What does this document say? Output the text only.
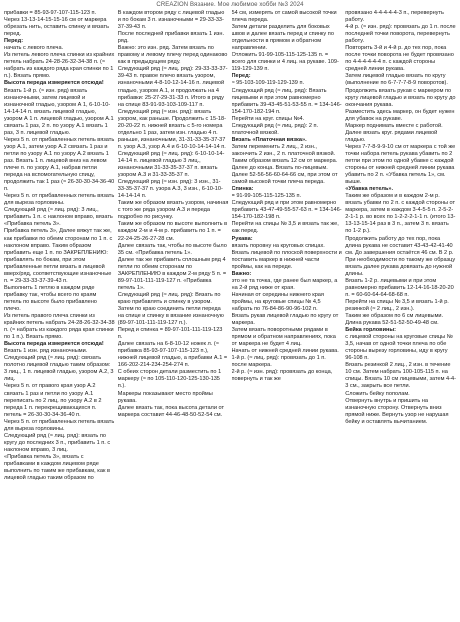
CREAZION Вязание. Мое любимое хобби №3 2024

прибавки = 85-93-97-107-115-123 п.

Через 13-13-14-15-15-16 см от маркера обрезать нить, оставить спинку и вязать перед.

Перед:

начать с левого плеча.

Из петель левого плеча спинки из крайних петель набрать 24-28-26-32-34-38 п. (≈ набрать из каждого ряда края спинки по 1 п.). Вязать прямо.

Высота переда измеряется отсюда!

Вязать 1-й р. (≈ изн. ряд) вязать изнаночными, затем лицевой и изнаночной гладью, узором А 1, 6-10-10-14-14-14 п. вязать лицевой гладью, узором А 1 п. лицевой гладью, узором А.1 связать 1 раз, 2 п. по узору А.1 вязать 1 раз, 3 п. лицевой гладью.

Через 5 п. от прибавленных петель вязать узор А.1, затем узор А.2 связать 1 раз и петли по узору А.1 по узору А.2 вязать 1 раз. Вязать 1 п. лицевой вниз на левом плече п. по узору А.1, набрав петли переда на вспомогательную спицу, продолжить так 1 раз (≈ 26-30-30-34-36-40 п.

Через 5 п. от прибавленных петель вязать для выреза горловины.

Следующий ряд (≈ лиц. ряд): 3 лиц., прибавить 1 п. с наклоном вправо, вязать «Прибавка петель 3».

Прибавка петель 3», Далее вяжут так же, как прибавки по обеим сторонам по 1 п. с наклоном вправо. Таким образом прибавить еще 1 п. по ЗАКРЕПЛЕНИЮ: прибавлять по бокам, при этом прибавленные петли вязать в лицевой вверх/ряд, соответствующие изнаночные п. = 29-33-33-37-39-43 п.

Выполнить 1 петлю в каждом ряде прибавку так, чтобы всего по краям петель по высоте было прибавлено плечо.

Из петель правого плеча спинки из крайних петель набрать 24-28-26-32-34-38 п. (≈ набрать из каждого ряда края спинки по 1 п.). Вязать прямо.

Высота переда измеряется отсюда!

Вязать 1 изн. ряд изнаночными.

Следующий ряд (≈ лиц. ряд): связать полотно лицевой гладью таким образом: 3 лиц., 1 п. лицевой гладью, узором А.2, 3 лиц.

Через 5 п. от правого края узор А.2 связать 1 раз и петли по узору А.1 переписать по 2 лиц. по узору А.2 в 2 переда 1 п. перекрещивающихся п. петель = 26-30-30-34-36-40 п.

Через 5 п. от прибавленных петель вязать для выреза горловины.

Следующий ряд (≈ лиц. ряд): вязать по кругу до последних 3 п., прибавить 1 п. с наклоном вправо, 3 лиц.

«Прибавка петель 3», вязать с прибавками в каждом лицевом ряде выполнить по таким же прибавкам, как в лицевой гладью таким образом по

В каждом втором ряду с лицевой гладью и по бокам 3 п. изнаночными = 29-33-33-37-39-43 п.

После последней прибавки вязать 1 изн. ряд.

Важно: это изн. ряд. Затем вязать по правому и левому плечу перед одинаково как в предыдущем ряду.

Следующий ряд (≈ лиц. ряд): 29-33-33-37-39-43 п. правое плечо вязать узором, изнаночными 4-8-10-12-14-16 п. лицевой гладью, узором А.1, и продолжать на 4 прибавки: 25-27-29-31-33 п. Итого в ряду на спице 83-91-93-103-109-117 п.

Следующий ряд (≈ изн. ряд): вязать узором, как раньше. Продолжить с 15-18-20-20-22 п. нижней вязать с 5-го номера отдельно 1 раз, затем изн. гладью 4 п. раньше, изнаночными, 31-31-33-35-37-37 п. узор А.3, узор А.4 и 6-10-10-14-14-14 п.

Следующий ряд (≈ лиц. ряд): 6-10-10-14-14-14 п. лицевой гладью 3 лиц., изнаночными 31-33-35-37-37 п. вязать узором А.3 и 31-33-35-37 п.

Следующий ряд (≈ изн. ряд): 3 изн., 31-33-35-37-37 п. узора А.3, 3 изн., 6-10-10-14-14-14 п.

Таким же образом вязать узором, начиная с того же ряда узором А.3 и переда подробно по рисунку.

Таким же образом по высоте выполнить в каждом 2-м и 4-м р. прибавить по 1 п. = 22-24-25-26-27-28 см.

Далее связать так, чтобы по высоте было 35 см. «Прибавка петель 1».

Далее так же прибавить сплошным ряд 4 петли по обеим сторонам по ЗАКРЕПЛЕНИЮ в каждом 2-м ряду 5 п. = 89-97-101-111-119-127 п. «Прибавка петель 1».

Следующий ряд (≈ лиц. ряд): Вязать по краю прибавлять и спинку в узором. Затем по краю соединить петли переда на спице и спинку в вязание изнаночную (89-97-101-111-119-127 п.).

Перед и спинка = 89-97-101-111-119-123 п.

Далее связать на 6-8-10-12 ножек л. (≈ прибавка 85-93-97-107-115-123 п.), нижней лицевой гладью, а прибавки А.1 = 166-202-214-234-254-274 п.

С обеих сторон детали разместить по 1 маркеру (≈ по 105-110-120-125-130-135 п.).

Маркеры показывают место проймы рукава.

Далее вязать так, пока высота детали от маркера составит 44-46-48-50-52-54 см.

54 см, измерять от самой высокой точки плеча переда.

Затем детали разделить для боковых швов и далее вязать перед и спинку по отдельности в прямом и обратном направлении.

Отложить 91-99-105-115-125-135 п. = всего для спинки и 4 лиц. на рукаве. 109-119-129-139 п.

Перед:

≈ 95-103-109-119-129-139 п.

Следующий ряд (≈ лиц. ряд): Вязать лицевыми и при этом равномерно прибавить 39-43-45-51-53-55 п. = 134-146-154-170-182-194 п.

Перейти на круг. спицы №4.

Следующий ряд (≈ лиц. ряд): 2 п. платочной вязкой.

Вязать «Платочная вязка».

Затем переменить 2 лиц., 2 изн., закончить 2 изн., 2 п. платочной вязкой.

Таким образом вязать 12 см от маркера. Далее до конца. Вязать по-лицевым. Далее 52-56-56-60-64-66 см, при этом от самой высокой точки плеча переда.

Спинка:

= 91-99-105-115-125-135 п.

Следующий ряд и при этом равномерно прибавить 43-47-49-55-57-63 п. = 134-146-154-170-182-198 п.

Перейти на спицы № 3,5 и вязать так же, как перед.

Рукава:

вязать поровну на круговых спицах. Вязать лицевой по плоской поверхности и поставить маркер в нижней части проймы, как на переде.

Важно:

это не та точка, где ранее был маркер, а на 2-й ряд ниже от края.

Начиная от середины нижнего края проймы, на круговые спицы № 4,5 набрать по 76-84-86-90-96-102 п.

Вязать рукав лицевой гладью по кругу от маркера.

Затем вязать поворотными рядами в прямом и обратном направлениях, пока от маркера не будет 4 лиц.

Начать от нижней средней линии рукава.

1-й р. (≈ лиц. ряд): провязать до 1 п. после маркера.

2-й р. (≈ изн. ряд): провязать до конца, повернуть и так же

провязано 4-4-4-4-4-3 п., перевернуть работу.

4-й р. (≈ изн. ряд): провязать до 1 п. после последней точки поворота, перевернуть работу.

Повторить 3-й и 4-й р. до тех пор, пока после точки поворота не будет провязано по 4-4-4-4-4-4 п. с каждой стороны средней линии рукава.

Затем лицевой гладью вязать по кругу (выполнение по 6-7-7-7-8-9 поворотов). Продолжить вязать рукав с маркером по кругу лицевой гладью и вязать по кругу до окончания рукава.

Разместить здесь маркер, он будет нужен для убавок на рукаве.

Маркер поднимать вместе с работой.

Далее вязать круг. рядами лицевой гладью.

Через 7-7-8-9-9-10 см от маркера с той же точки набора петель рукава убавить по 2 петли при этом по одной убавке с каждой стороны от нижней средней линии рукава убавить по 2 п. «Убавка петель 1», см. выше.

«Убавка петель».

Таким же образом и в каждом 2-м р. вязать убавки по 2 п. с каждой стороны от маркера, затем в каждом 3-4-5-5 п. 2-5-2-2-1-1 р. во всех по 1-2-2-2-1-1 п. (итого 13-13-13-15-14 раз в 3 п., затем 3 п. вязать по 1-2 р.).

Продолжить работу до тех пор, пока длина рукава не составит 43-43-42-41-40 см. До завершения остаётся 46 см. В 2 р. При необходимости по такому же образцу вязать далее рукава довязать до нужной длины.

Вязать 1-2 р. лицевыми и при этом равномерно прибавить 12-14-16-18-20-20 п. = 60-60-64-64-68-68 п.

Перейти на спицы № 3,5 и вязать 1-й р. резинкой (≈ 2 лиц., 2 изн.).

Таким же образом по 6 см лицевыми.

Длина рукава 52-51-52-50-49-48 см.

Бейка горловины:

с лицевой стороны на круговые спицы № 3,5, начав от одной точки плеча по обе стороны вырезу горловины, иду в кругу 96-108 п.

Вязать резинкой 2 лиц., 2 изн. в течение 10 см. Затем набрать 100-105-115 п. на спицы. Вязать 10 см лицевыми, затем 4-4-3 см., закрыть все петли.

Сложить бейку пополам.

Отвернуть внутрь и пришить на изнаночную сторону. Отвернуть вниз прямой ниже. Вернуть узор не нарушая бейку и оставлять вычитанием.
